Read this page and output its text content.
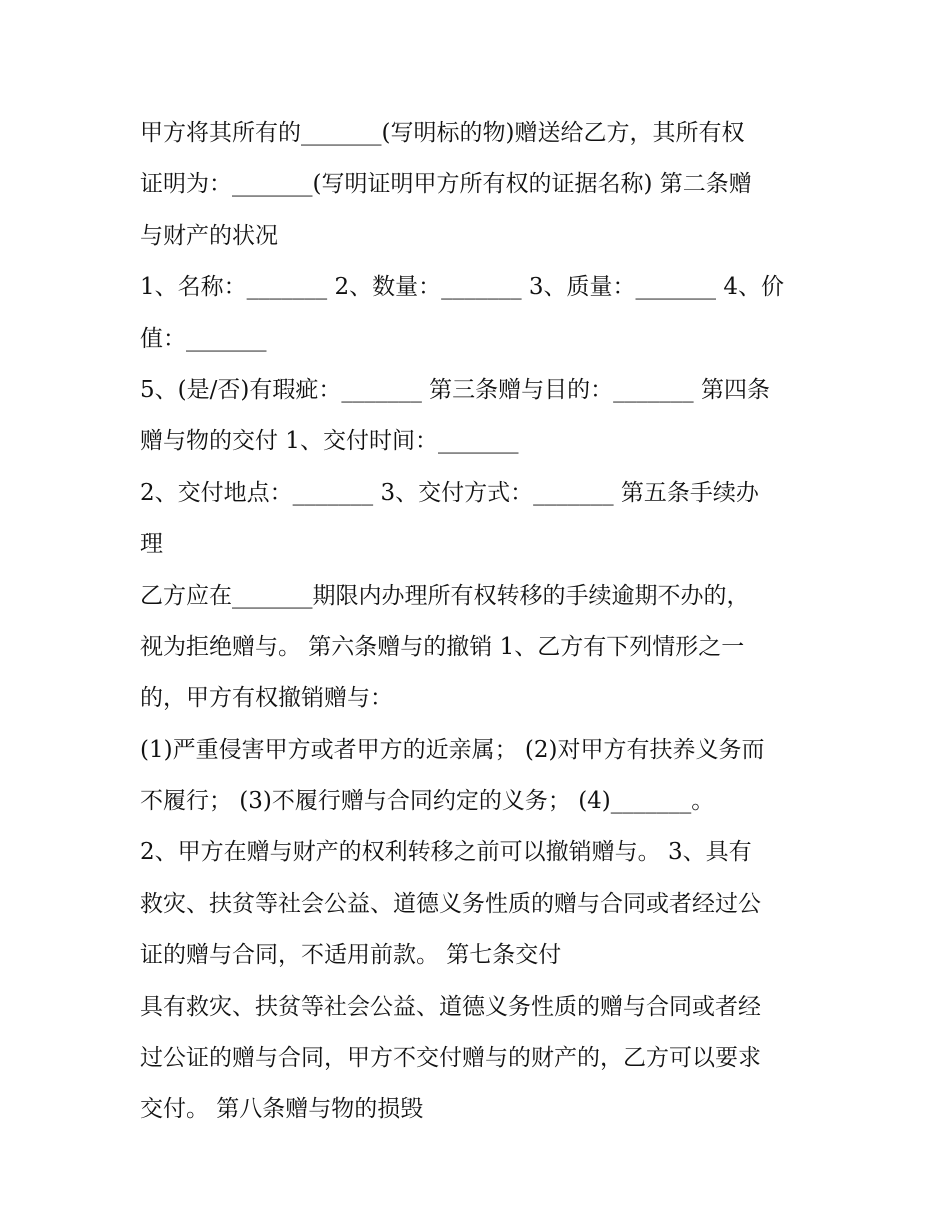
甲方将其所有的_______(写明标的物)赠送给乙方，其所有权
证明为：_______(写明证明甲方所有权的证据名称) 第二条赠
与财产的状况
1、名称：_______ 2、数量：_______ 3、质量：_______ 4、价
值：_______
5、(是/否)有瑕疵：_______ 第三条赠与目的：_______ 第四条
赠与物的交付 1、交付时间：_______
2、交付地点：_______ 3、交付方式：_______ 第五条手续办
理
乙方应在_______期限内办理所有权转移的手续逾期不办的，
视为拒绝赠与。 第六条赠与的撤销 1、乙方有下列情形之一
的，甲方有权撤销赠与：
(1)严重侵害甲方或者甲方的近亲属； (2)对甲方有扶养义务而
不履行； (3)不履行赠与合同约定的义务； (4)_______。
2、甲方在赠与财产的权利转移之前可以撤销赠与。 3、具有
救灾、扶贫等社会公益、道德义务性质的赠与合同或者经过公
证的赠与合同，不适用前款。 第七条交付
具有救灾、扶贫等社会公益、道德义务性质的赠与合同或者经
过公证的赠与合同，甲方不交付赠与的财产的，乙方可以要求
交付。 第八条赠与物的损毁
